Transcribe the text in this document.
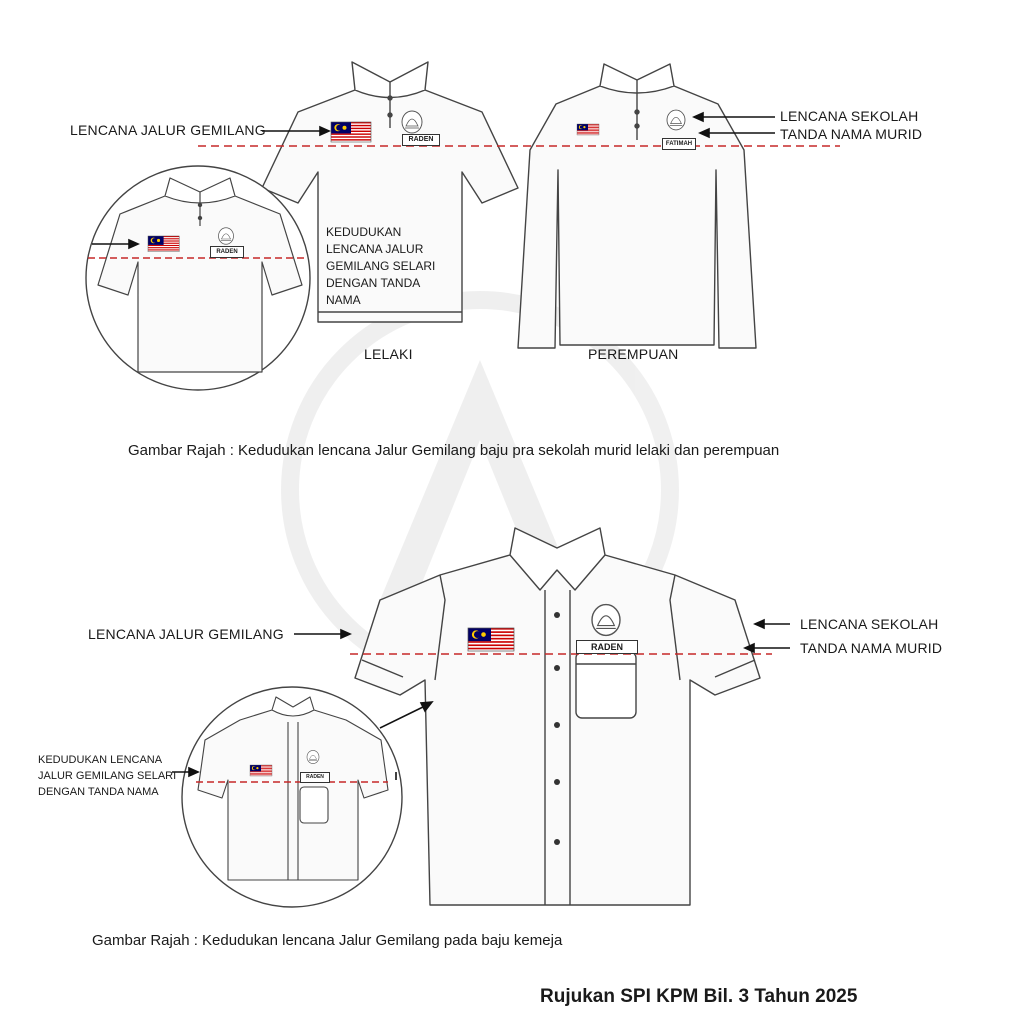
RADEN
FATIMAH
RADEN
RADEN
RADEN
LENCANA JALUR GEMILANG
LENCANA SEKOLAH
TANDA NAMA MURID
KEDUDUKAN
LENCANA JALUR
GEMILANG SELARI
DENGAN TANDA
NAMA
LELAKI	PEREMPUAN
Gambar Rajah : Kedudukan lencana Jalur Gemilang baju pra sekolah murid lelaki dan perempuan
LENCANA JALUR GEMILANG
LENCANA SEKOLAH
TANDA NAMA MURID
KEDUDUKAN LENCANA
JALUR GEMILANG SELARI
DENGAN TANDA NAMA
Gambar Rajah : Kedudukan lencana Jalur Gemilang pada baju kemeja
Rujukan SPI KPM Bil. 3 Tahun 2025
